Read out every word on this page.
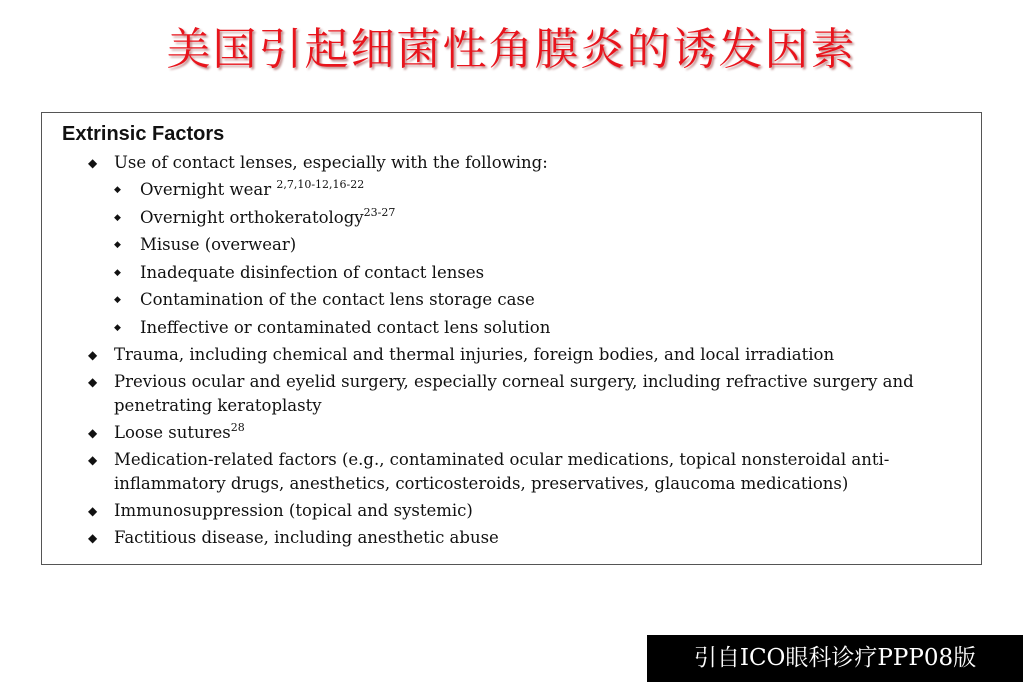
美国引起细菌性角膜炎的诱发因素
Extrinsic Factors
◆ Use of contact lenses, especially with the following:
◆ Overnight wear $^{2,7,10-12,16-22}$
◆ Overnight orthokeratology$^{23-27}$
◆ Misuse (overwear)
◆ Inadequate disinfection of contact lenses
◆ Contamination of the contact lens storage case
◆ Ineffective or contaminated contact lens solution
◆ Trauma, including chemical and thermal injuries, foreign bodies, and local irradiation
◆ Previous ocular and eyelid surgery, especially corneal surgery, including refractive surgery and penetrating keratoplasty
◆ Loose sutures$^{28}$
◆ Medication-related factors (e.g., contaminated ocular medications, topical nonsteroidal anti-inflammatory drugs, anesthetics, corticosteroids, preservatives, glaucoma medications)
◆ Immunosuppression (topical and systemic)
◆ Factitious disease, including anesthetic abuse
引自ICO眼科诊疗PPP08版
